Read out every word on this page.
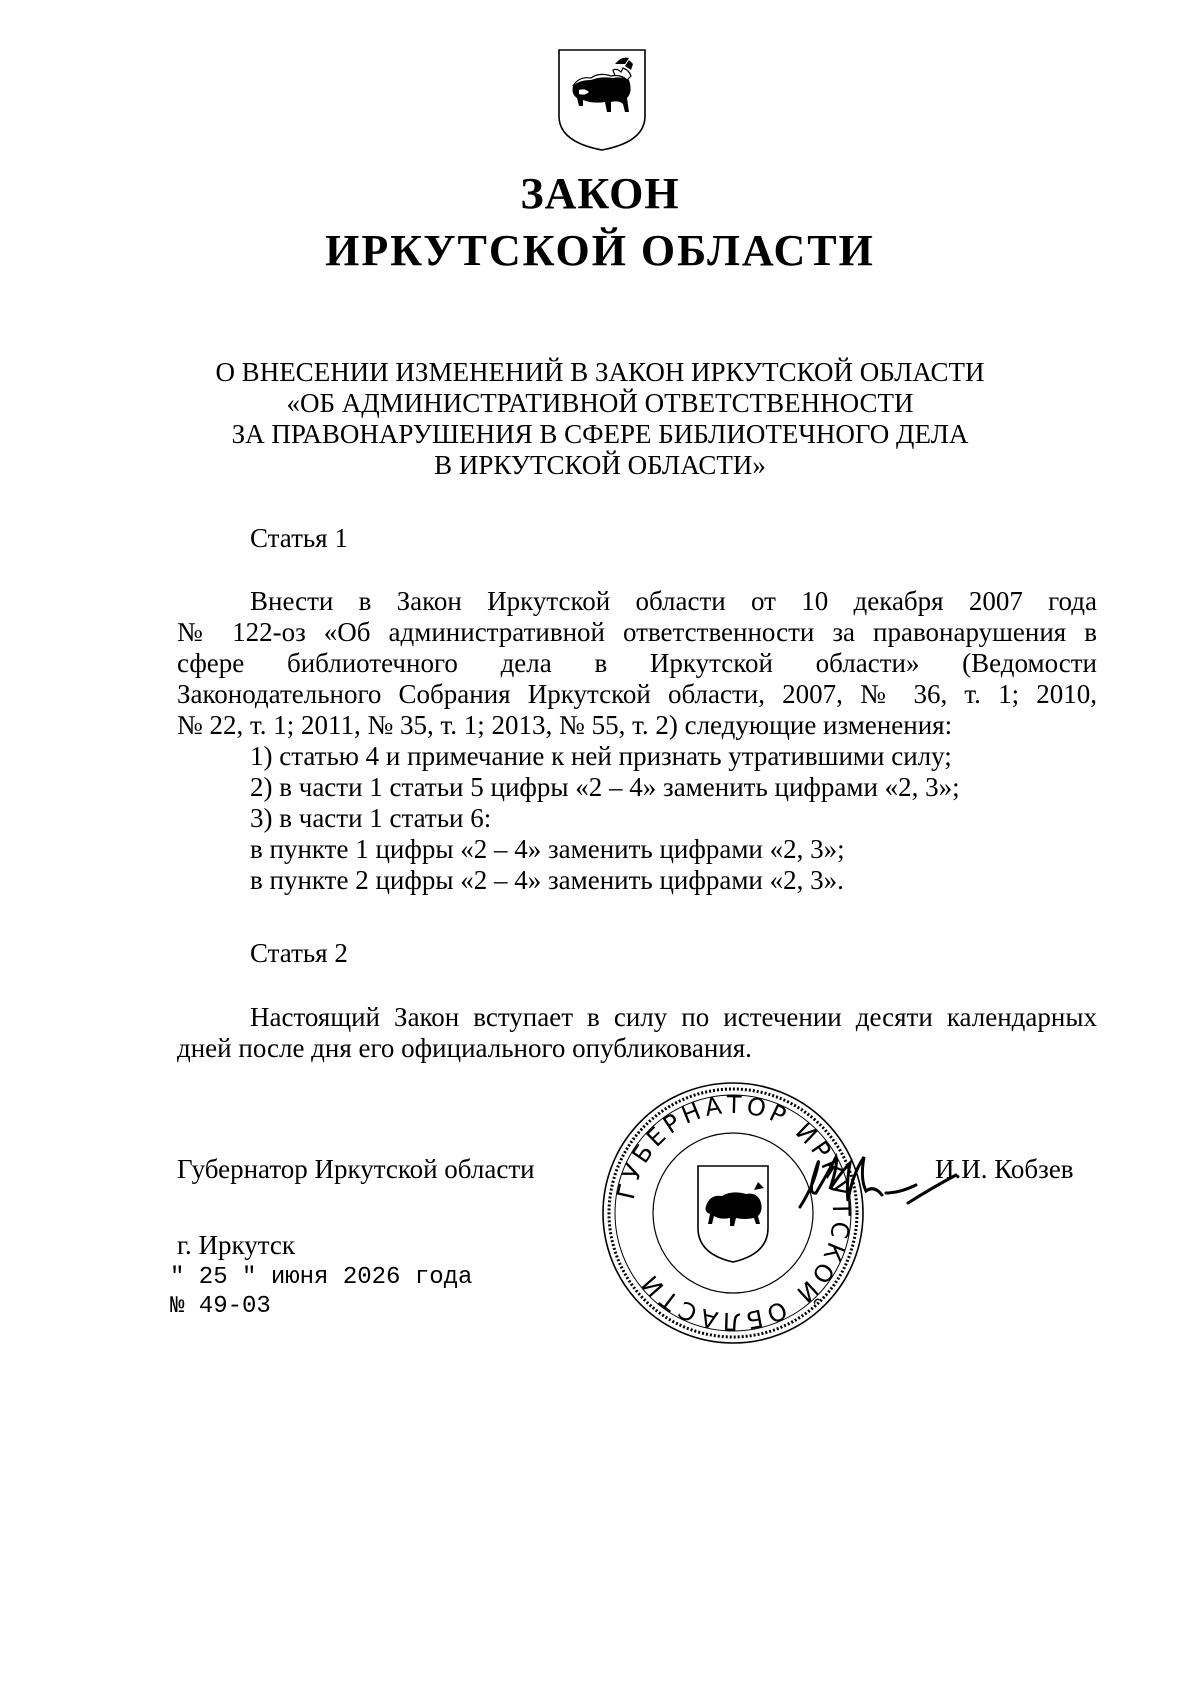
ЗАКОН
ИРКУТСКОЙ ОБЛАСТИ
О ВНЕСЕНИИ ИЗМЕНЕНИЙ В ЗАКОН ИРКУТСКОЙ ОБЛАСТИ
«ОБ АДМИНИСТРАТИВНОЙ ОТВЕТСТВЕННОСТИ
ЗА ПРАВОНАРУШЕНИЯ В СФЕРЕ БИБЛИОТЕЧНОГО ДЕЛА
В ИРКУТСКОЙ ОБЛАСТИ»
Статья 1
Внести в Закон Иркутской области от 10 декабря 2007 года
№ 122-оз «Об административной ответственности за правонарушения в
сфере библиотечного дела в Иркутской области» (Ведомости
Законодательного Собрания Иркутской области, 2007, № 36, т. 1; 2010,
№ 22, т. 1; 2011, № 35, т. 1; 2013, № 55, т. 2) следующие изменения:
1) статью 4 и примечание к ней признать утратившими силу;
2) в части 1 статьи 5 цифры «2 – 4» заменить цифрами «2, 3»;
3) в части 1 статьи 6:
в пункте 1 цифры «2 – 4» заменить цифрами «2, 3»;
в пункте 2 цифры «2 – 4» заменить цифрами «2, 3».
Статья 2
Настоящий Закон вступает в силу по истечении десяти календарных
дней после дня его официального опубликования.
ГУБЕРНАТОР ИРКУТСКОЙ ОБЛАСТИ
Губернатор Иркутской области	И.И. Кобзев
г. Иркутск
" 25 " июня 2026 года
№ 49-03
